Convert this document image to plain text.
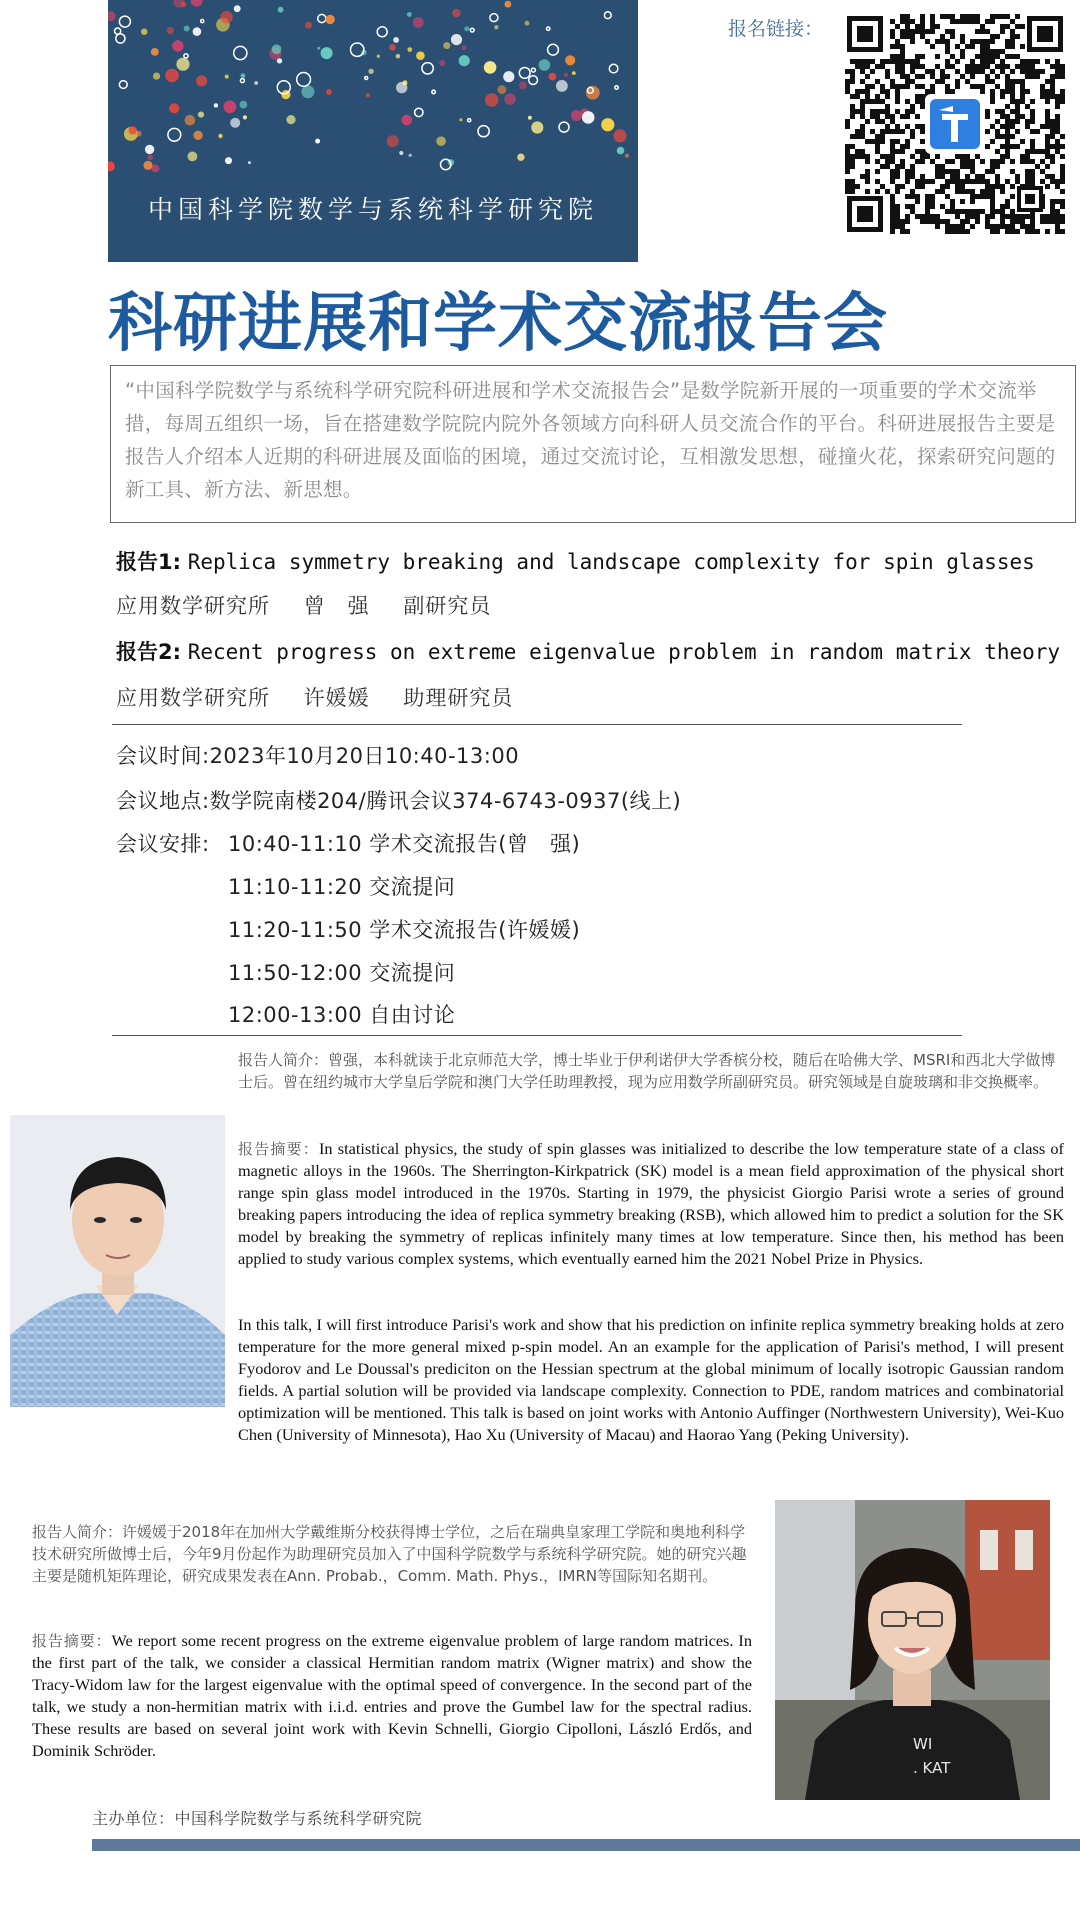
中国科学院数学与系统科学研究院
报名链接：
科研进展和学术交流报告会
“中国科学院数学与系统科学研究院科研进展和学术交流报告会”是数学院新开展的一项重要的学术交流举措，每周五组织一场，旨在搭建数学院院内院外各领域方向科研人员交流合作的平台。科研进展报告主要是报告人介绍本人近期的科研进展及面临的困境，通过交流讨论，互相激发思想，碰撞火花，探索研究问题的新工具、新方法、新思想。
报告1: Replica symmetry breaking and landscape complexity for spin glasses
应用数学研究所 曾　强 副研究员
报告2: Recent progress on extreme eigenvalue problem in random matrix theory
应用数学研究所 许媛媛 助理研究员
会议时间:2023年10月20日10:40-13:00
会议地点:数学院南楼204/腾讯会议374-6743-0937(线上)
会议安排: 10:40-11:10 学术交流报告(曾　强)
11:10-11:20 交流提问
11:20-11:50 学术交流报告(许媛媛)
11:50-12:00 交流提问
12:00-13:00 自由讨论
报告人简介：曾强，本科就读于北京师范大学，博士毕业于伊利诺伊大学香槟分校，随后在哈佛大学、MSRI和西北大学做博士后。曾在纽约城市大学皇后学院和澳门大学任助理教授，现为应用数学所副研究员。研究领域是自旋玻璃和非交换概率。
报告摘要：In statistical physics, the study of spin glasses was initialized to describe the low temperature state of a class of magnetic alloys in the 1960s. The Sherrington-Kirkpatrick (SK) model is a mean field approximation of the physical short range spin glass model introduced in the 1970s. Starting in 1979, the physicist Giorgio Parisi wrote a series of ground breaking papers introducing the idea of replica symmetry breaking (RSB), which allowed him to predict a solution for the SK model by breaking the symmetry of replicas infinitely many times at low temperature. Since then, his method has been applied to study various complex systems, which eventually earned him the 2021 Nobel Prize in Physics.
In this talk, I will first introduce Parisi's work and show that his prediction on infinite replica symmetry breaking holds at zero temperature for the more general mixed p-spin model. An an example for the application of Parisi's method, I will present Fyodorov and Le Doussal's prediciton on the Hessian spectrum at the global minimum of locally isotropic Gaussian random fields. A partial solution will be provided via landscape complexity. Connection to PDE, random matrices and combinatorial optimization will be mentioned. This talk is based on joint works with Antonio Auffinger (Northwestern University), Wei-Kuo Chen (University of Minnesota), Hao Xu (University of Macau) and Haorao Yang (Peking University).
报告人简介：许媛媛于2018年在加州大学戴维斯分校获得博士学位，之后在瑞典皇家理工学院和奥地利科学技术研究所做博士后，今年9月份起作为助理研究员加入了中国科学院数学与系统科学研究院。她的研究兴趣主要是随机矩阵理论，研究成果发表在Ann. Probab.，Comm. Math. Phys.，IMRN等国际知名期刊。
报告摘要：We report some recent progress on the extreme eigenvalue problem of large random matrices. In the first part of the talk, we consider a classical Hermitian random matrix (Wigner matrix) and show the Tracy-Widom law for the largest eigenvalue with the optimal speed of convergence. In the second part of the talk, we study a non-hermitian matrix with i.i.d. entries and prove the Gumbel law for the spectral radius. These results are based on several joint work with Kevin Schnelli, Giorgio Cipolloni, László Erdős, and Dominik Schröder.	WI
. KAT
主办单位：中国科学院数学与系统科学研究院
